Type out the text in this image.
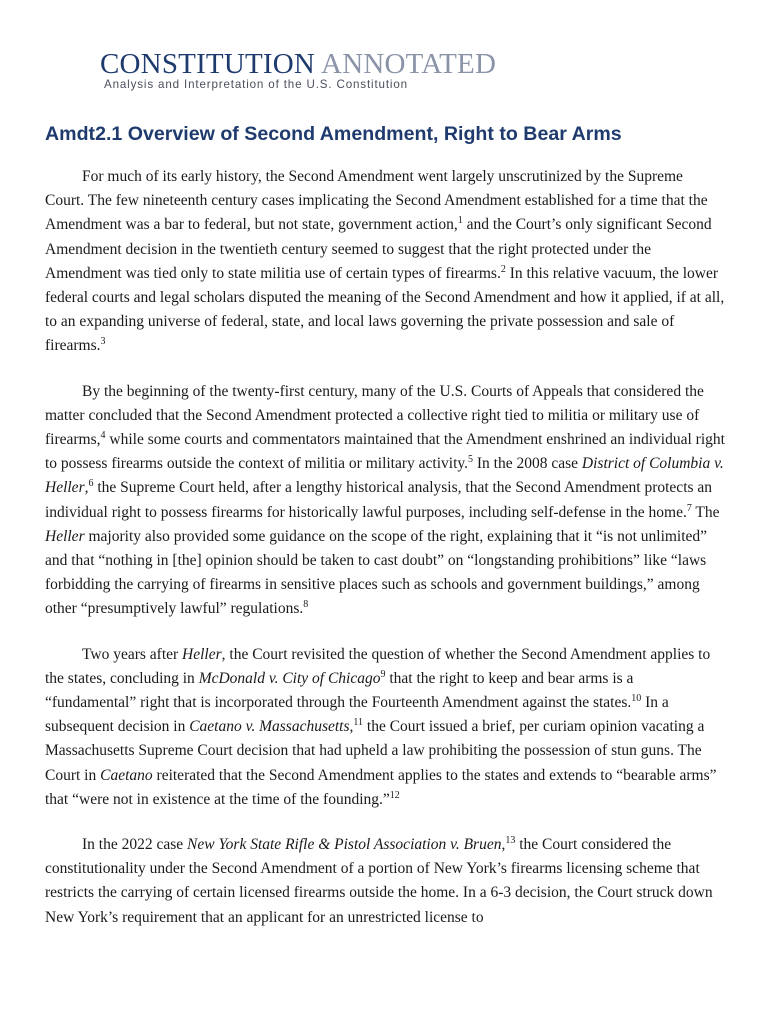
CONSTITUTION ANNOTATED
Analysis and Interpretation of the U.S. Constitution
Amdt2.1 Overview of Second Amendment, Right to Bear Arms

For much of its early history, the Second Amendment went largely unscrutinized by the Supreme Court. The few nineteenth century cases implicating the Second Amendment established for a time that the Amendment was a bar to federal, but not state, government action,$^1$ and the Court’s only significant Second Amendment decision in the twentieth century seemed to suggest that the right protected under the Amendment was tied only to state militia use of certain types of firearms.$^2$ In this relative vacuum, the lower federal courts and legal scholars disputed the meaning of the Second Amendment and how it applied, if at all, to an expanding universe of federal, state, and local laws governing the private possession and sale of firearms.$^3$

By the beginning of the twenty-first century, many of the U.S. Courts of Appeals that considered the matter concluded that the Second Amendment protected a collective right tied to militia or military use of firearms,$^4$ while some courts and commentators maintained that the Amendment enshrined an individual right to possess firearms outside the context of militia or military activity.$^5$ In the 2008 case District of Columbia v. Heller,$^6$ the Supreme Court held, after a lengthy historical analysis, that the Second Amendment protects an individual right to possess firearms for historically lawful purposes, including self-defense in the home.$^7$ The Heller majority also provided some guidance on the scope of the right, explaining that it “is not unlimited” and that “nothing in [the] opinion should be taken to cast doubt” on “longstanding prohibitions” like “laws forbidding the carrying of firearms in sensitive places such as schools and government buildings,” among other “presumptively lawful” regulations.$^8$

Two years after Heller, the Court revisited the question of whether the Second Amendment applies to the states, concluding in McDonald v. City of Chicago$^9$ that the right to keep and bear arms is a “fundamental” right that is incorporated through the Fourteenth Amendment against the states.$^{10}$ In a subsequent decision in Caetano v. Massachusetts,$^{11}$ the Court issued a brief, per curiam opinion vacating a Massachusetts Supreme Court decision that had upheld a law prohibiting the possession of stun guns. The Court in Caetano reiterated that the Second Amendment applies to the states and extends to “bearable arms” that “were not in existence at the time of the founding.”$^{12}$

In the 2022 case New York State Rifle & Pistol Association v. Bruen,$^{13}$ the Court considered the constitutionality under the Second Amendment of a portion of New York’s firearms licensing scheme that restricts the carrying of certain licensed firearms outside the home. In a 6-3 decision, the Court struck down New York’s requirement that an applicant for an unrestricted license to
